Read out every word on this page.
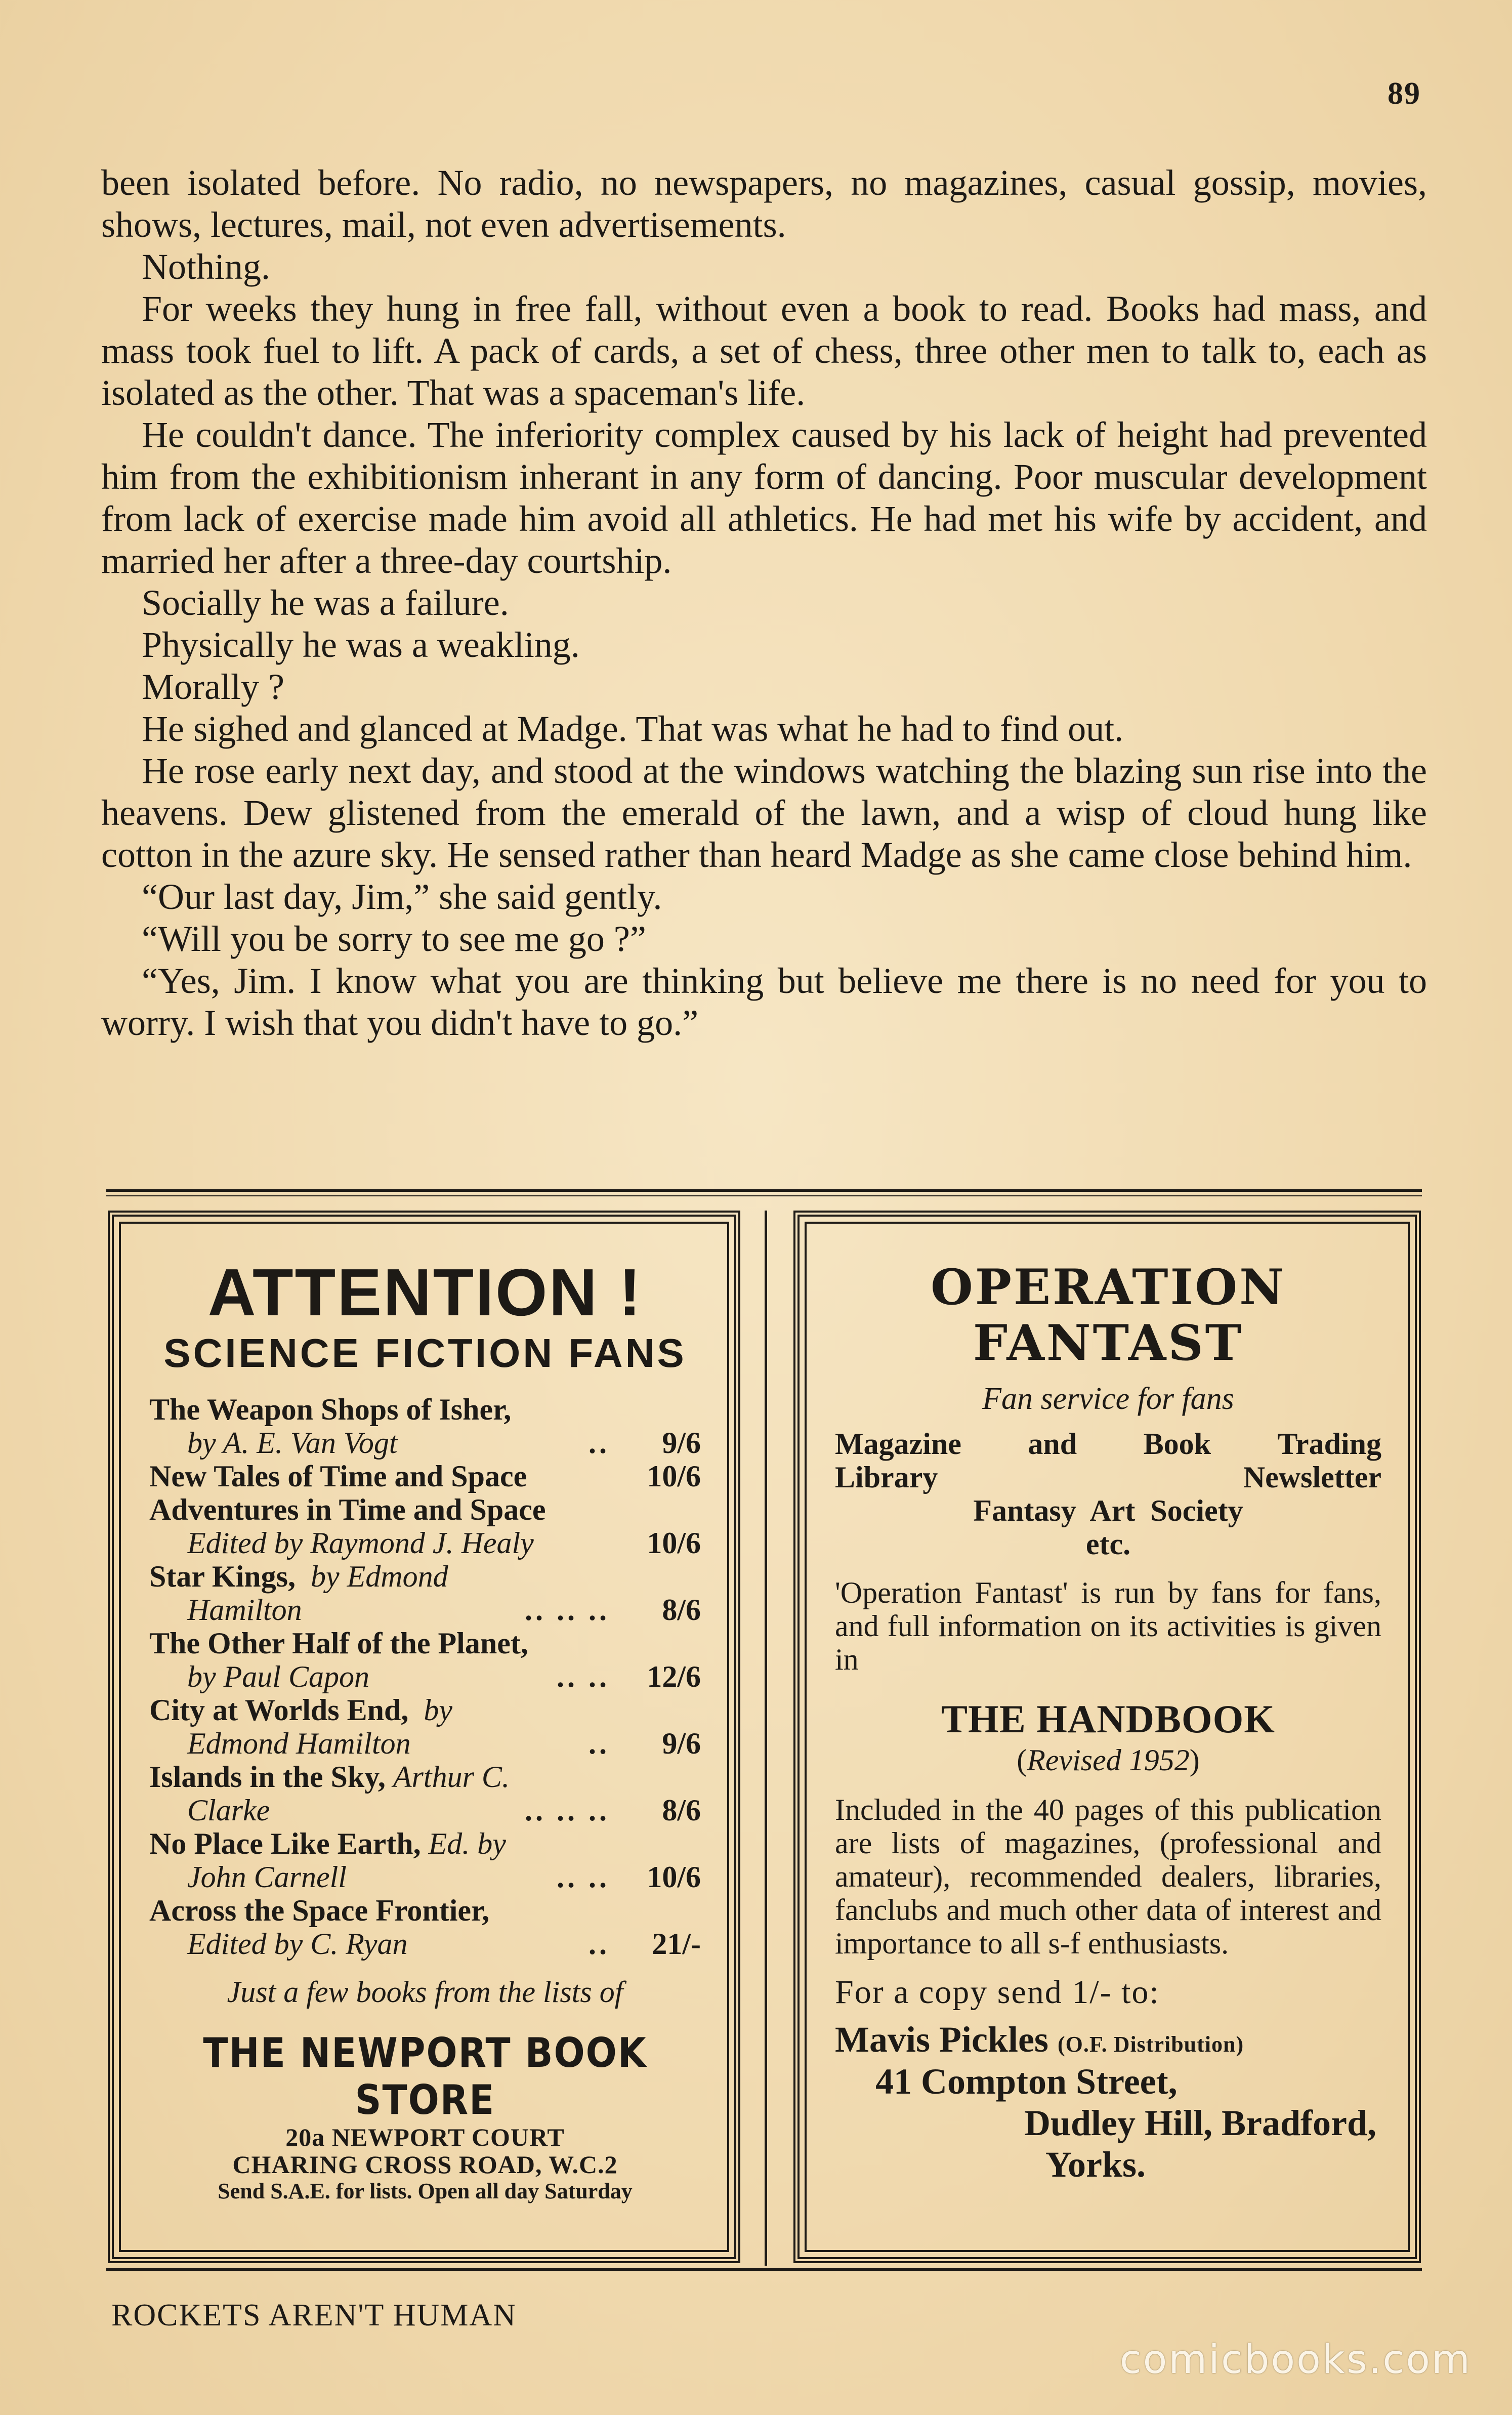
89

been isolated before. No radio, no newspapers, no magazines, casual gossip, movies, shows, lectures, mail, not even advertisements.

Nothing.

For weeks they hung in free fall, without even a book to read. Books had mass, and mass took fuel to lift. A pack of cards, a set of chess, three other men to talk to, each as isolated as the other. That was a spaceman's life.

He couldn't dance. The inferiority complex caused by his lack of height had prevented him from the exhibitionism inherant in any form of dancing. Poor muscular development from lack of exercise made him avoid all athletics. He had met his wife by accident, and married her after a three-day courtship.

Socially he was a failure.

Physically he was a weakling.

Morally ?

He sighed and glanced at Madge. That was what he had to find out.

He rose early next day, and stood at the windows watching the blazing sun rise into the heavens. Dew glistened from the emerald of the lawn, and a wisp of cloud hung like cotton in the azure sky. He sensed rather than heard Madge as she came close behind him.

“Our last day, Jim,” she said gently.

“Will you be sorry to see me go ?”

“Yes, Jim. I know what you are thinking but believe me there is no need for you to worry. I wish that you didn't have to go.”

ATTENTION !
SCIENCE FICTION FANS
The Weapon Shops of Isher,
by A. E. Van Vogt	..	9/6
New Tales of Time and Space	10/6
Adventures in Time and Space
Edited by Raymond J. Healy	10/6
Star Kings, by Edmond
Hamilton	.. .. ..	8/6
The Other Half of the Planet,
by Paul Capon	.. ..	12/6
City at Worlds End, by
Edmond Hamilton	..	9/6
Islands in the Sky, Arthur C.
Clarke	.. .. ..	8/6
No Place Like Earth, Ed. by
John Carnell	.. ..	10/6
Across the Space Frontier,
Edited by C. Ryan	..	21/-
Just a few books from the lists of
THE NEWPORT BOOK STORE
20a NEWPORT COURT
CHARING CROSS ROAD, W.C.2
Send S.A.E. for lists. Open all day Saturday
OPERATION FANTAST
Fan service for fans
Magazine and Book Trading
Library	Newsletter
Fantasy Art Society
etc.
'Operation Fantast' is run by fans for fans, and full information on its activities is given in
THE HANDBOOK
(Revised 1952)
Included in the 40 pages of this publication are lists of magazines, (professional and amateur), recommended dealers, libraries, fanclubs and much other data of interest and importance to all s-f enthusiasts.
For a copy send 1/- to:
Mavis Pickles (O.F. Distribution)
41 Compton Street,
Dudley Hill, Bradford,
Yorks.
ROCKETS AREN'T HUMAN
comicbooks.com
